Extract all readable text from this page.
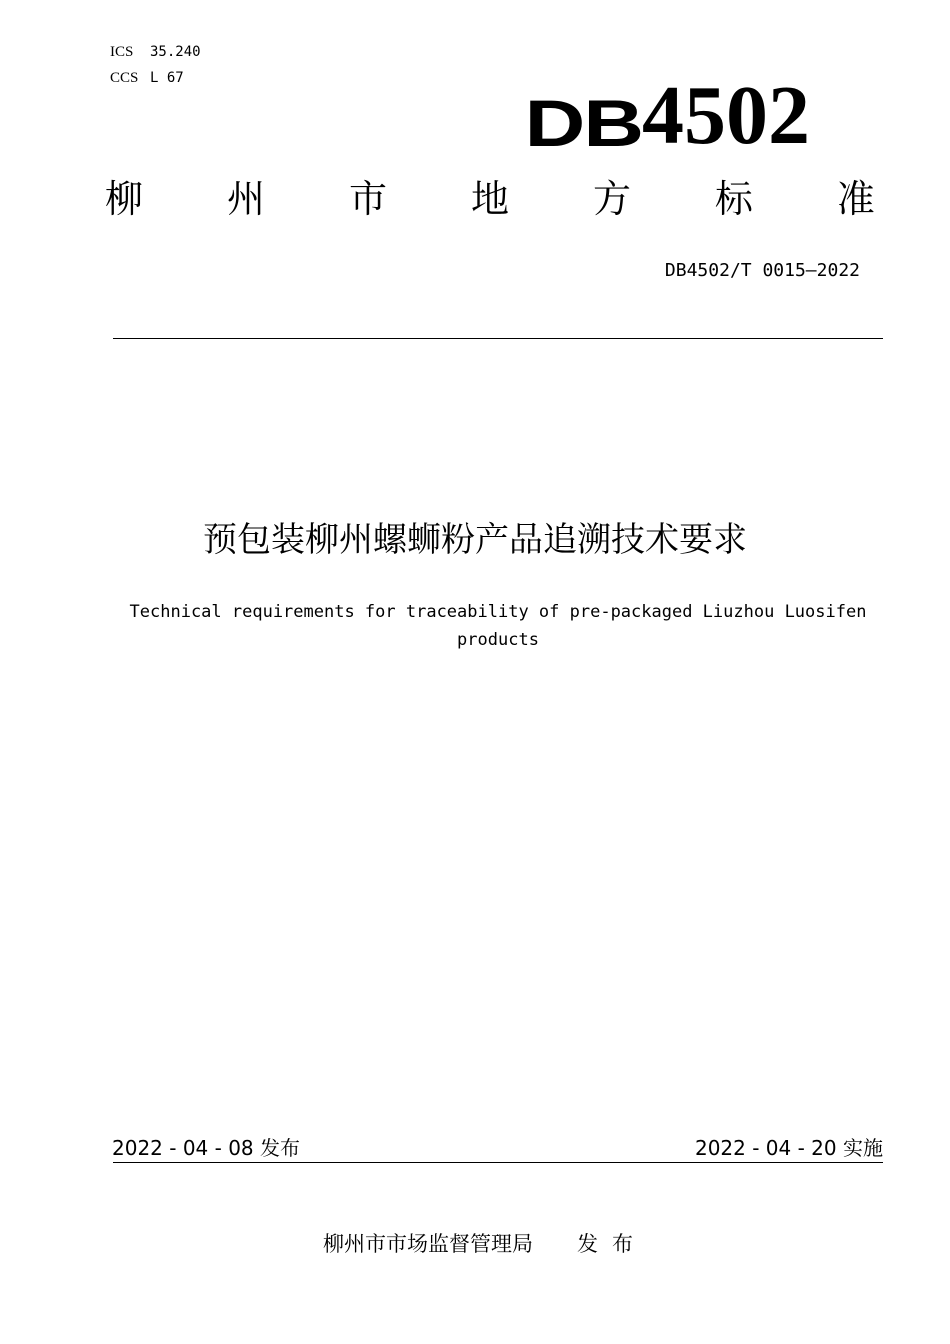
ICS 35.240
CCS L 67
DB4502
柳 州 市 地 方 标 准
DB4502/T 0015—2022
预包装柳州螺蛳粉产品追溯技术要求
Technical requirements for traceability of pre-packaged Liuzhou Luosifen
products
2022 - 04 - 08 发布	2022 - 04 - 20 实施
柳州市市场监督管理局 发布
